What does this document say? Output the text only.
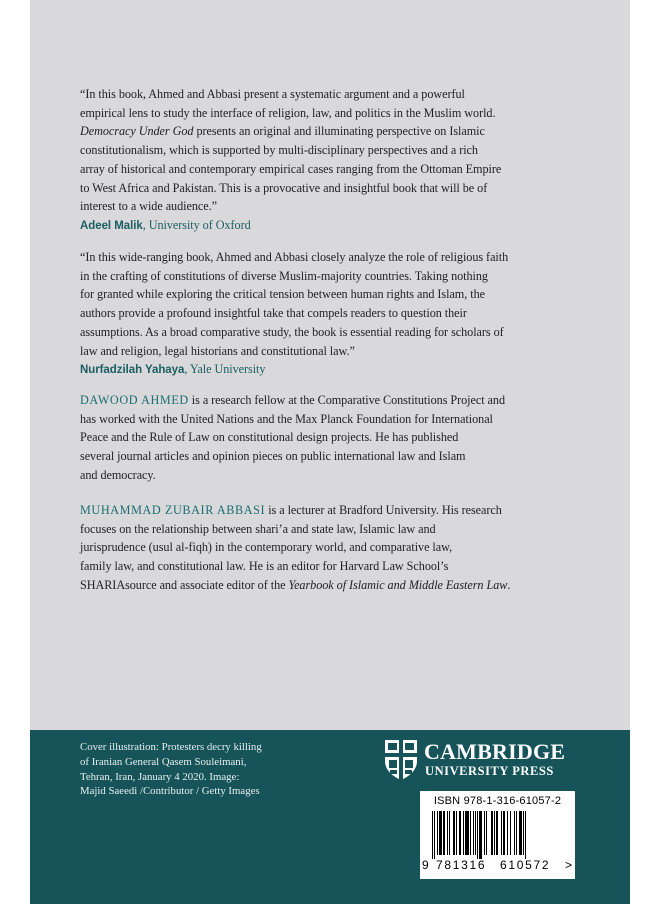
“In this book, Ahmed and Abbasi present a systematic argument and a powerful
empirical lens to study the interface of religion, law, and politics in the Muslim world.
Democracy Under God presents an original and illuminating perspective on Islamic
constitutionalism, which is supported by multi-disciplinary perspectives and a rich
array of historical and contemporary empirical cases ranging from the Ottoman Empire
to West Africa and Pakistan. This is a provocative and insightful book that will be of
interest to a wide audience.”
Adeel Malik, University of Oxford
“In this wide-ranging book, Ahmed and Abbasi closely analyze the role of religious faith
in the crafting of constitutions of diverse Muslim-majority countries. Taking nothing
for granted while exploring the critical tension between human rights and Islam, the
authors provide a profound insightful take that compels readers to question their
assumptions. As a broad comparative study, the book is essential reading for scholars of
law and religion, legal historians and constitutional law.”
Nurfadzilah Yahaya, Yale University
DAWOOD AHMED is a research fellow at the Comparative Constitutions Project and
has worked with the United Nations and the Max Planck Foundation for International
Peace and the Rule of Law on constitutional design projects. He has published
several journal articles and opinion pieces on public international law and Islam
and democracy.
MUHAMMAD ZUBAIR ABBASI is a lecturer at Bradford University. His research
focuses on the relationship between shari’a and state law, Islamic law and
jurisprudence (usul al-fiqh) in the contemporary world, and comparative law,
family law, and constitutional law. He is an editor for Harvard Law School’s
SHARIAsource and associate editor of the Yearbook of Islamic and Middle Eastern Law.
Cover illustration: Protesters decry killing
of Iranian General Qasem Souleimani,
Tehran, Iran, January 4 2020. Image:
Majid Saeedi /Contributor / Getty Images
CAMBRIDGE
UNIVERSITY PRESS
ISBN 978-1-316-61057-2
9 781316 610572 >
